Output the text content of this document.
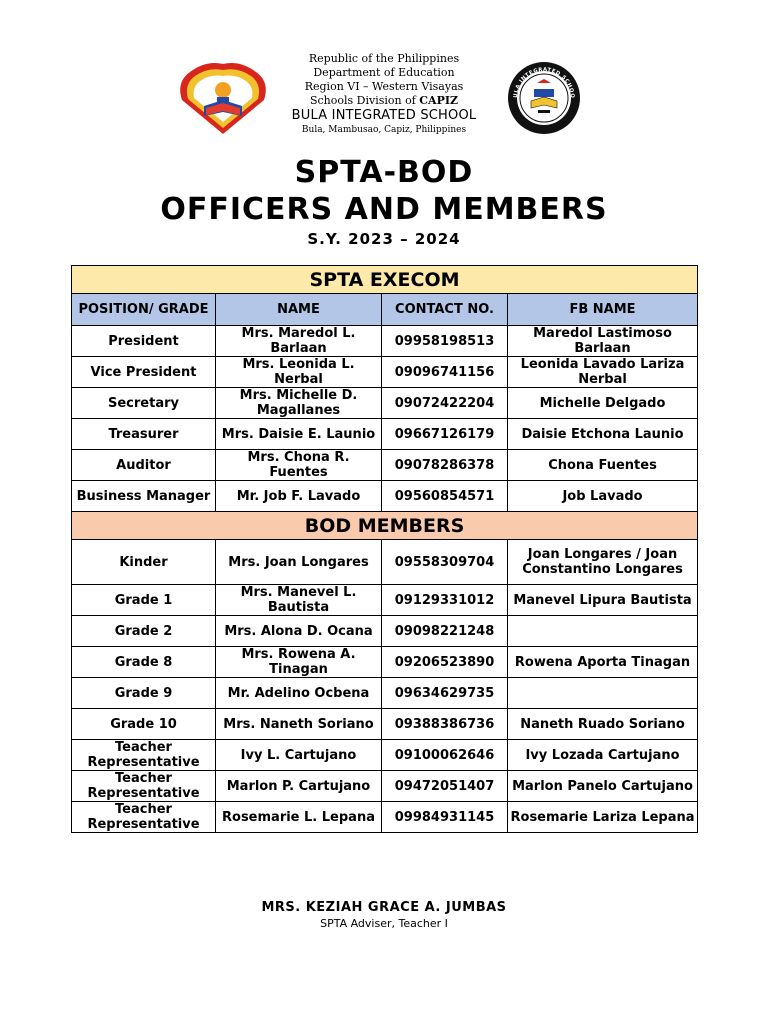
ULA INTEGRATED SCHOO
Republic of the Philippines
Department of Education
Region VI – Western Visayas
Schools Division of CAPIZ
BULA INTEGRATED SCHOOL
Bula, Mambusao, Capiz, Philippines
SPTA-BOD
OFFICERS AND MEMBERS
S.Y. 2023 – 2024
SPTA EXECOM			
POSITION/ GRADE	NAME	CONTACT NO.	FB NAME
President	Mrs. Maredol L. Barlaan	09958198513	Maredol Lastimoso Barlaan
Vice President	Mrs. Leonida L. Nerbal	09096741156	Leonida Lavado Lariza Nerbal
Secretary	Mrs. Michelle D. Magallanes	09072422204	Michelle Delgado
Treasurer	Mrs. Daisie E. Launio	09667126179	Daisie Etchona Launio
Auditor	Mrs. Chona R. Fuentes	09078286378	Chona Fuentes
Business Manager	Mr. Job F. Lavado	09560854571	Job Lavado
BOD MEMBERS			
Kinder	Mrs. Joan Longares	09558309704	Joan Longares / Joan Constantino Longares
Grade 1	Mrs. Manevel L. Bautista	09129331012	Manevel Lipura Bautista
Grade 2	Mrs. Alona D. Ocana	09098221248	
Grade 8	Mrs. Rowena A. Tinagan	09206523890	Rowena Aporta Tinagan
Grade 9	Mr. Adelino Ocbena	09634629735	
Grade 10	Mrs. Naneth Soriano	09388386736	Naneth Ruado Soriano
Teacher Representative	Ivy L. Cartujano	09100062646	Ivy Lozada Cartujano
Teacher Representative	Marlon P. Cartujano	09472051407	Marlon Panelo Cartujano
Teacher Representative	Rosemarie L. Lepana	09984931145	Rosemarie Lariza Lepana
MRS. KEZIAH GRACE A. JUMBAS
SPTA Adviser, Teacher I
